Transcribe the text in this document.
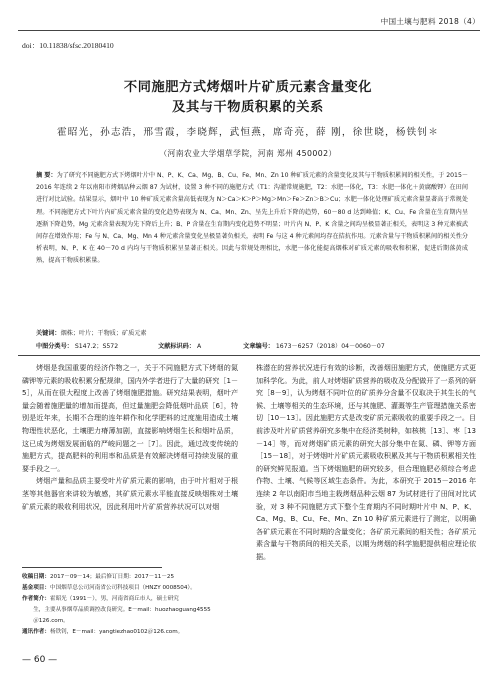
中国土壤与肥料 2018（4）
doi：10.11838/sfsc.20180410
不同施肥方式烤烟叶片矿质元素含量变化
及其与干物质积累的关系
霍昭光，孙志浩，邢雪霞，李晓辉，武恒燕，席奇亮，薛 刚，徐世晓，杨铁钊＊
（河南农业大学烟草学院，河南 郑州 450002）
摘 要：为了研究不同施肥方式下烤烟叶片中 N、P、K、Ca、Mg、B、Cu、Fe、Mn、Zn 10 种矿质元素的含量变化及其与干物质积累间的相关性，于 2015－2016 年连续 2 年以南阳市烤烟品种云烟 87 为试材，设置 3 种不同的施肥方式（T1：沟灌常规施肥，T2：水肥一体化，T3：水肥一体化＋黄腐酸钾）在田间进行对比试验。结果显示，烟叶中 10 种矿质元素含量高低表现为 N＞Ca＞K＞P＞Mg＞Mn＞Fe＞Zn＞B＞Cu；水肥一体化处理矿质元素含量显著高于常规处理。不同施肥方式下叶片内矿质元素含量的变化趋势表现为 N、Ca、Mn、Zn、呈先上升后下降的趋势，60－80 d 达到峰值；K、Cu、Fe 含量在生育期内呈逐渐下降趋势，Mg 元素含量表现为先下降后上升；B、P 含量在生育期内变化趋势不明显；叶片内 N、P、K 含量之间均呈极显著正相关，表明这 3 种元素被武间存在增效作用；Fe 与 N、Ca、Mg、Mn 4 种元素含量变化呈极显著负相关，表明 Fe 与这 4 种元素间均存在拮抗作用。元素含量与干物质积累间的相关性分析表明，N、P、K 在 40－70 d 内均与干物质积累呈显著正相关。因此与常规处理相比，水肥一体化能提高烟株对矿质元素的吸收和积累，促进后期落黄成熟，提高干物质积累量。
关键词：烟株；叶片；干物质；矿质元素
中图分类号： S147.2；S572	文献标识码： A	文章编号： 1673－6257（2018）04－0060－07

烤烟是我国重要的经济作物之一，关于不同施肥方式下烤烟的氮磷钾等元素的吸收积累分配规律，国内外学者进行了大量的研究［1－5］，从而在很大程度上改善了烤烟施肥措施。研究结果表明，烟叶产量会随着施肥量的增加而提高，但过量施肥会降低烟叶品质［6］，特别是近年来，长期不合理的连年耕作和化学肥料的过度施用造成土壤物理性状恶化，土壤肥力瘠薄加剧，直接影响烤烟生长和烟叶品质，这已成为烤烟发展面临的严峻问题之一［7］。因此，通过改变传统的施肥方式，提高肥料的利用率和品质是有效解决烤烟可持续发展的重要手段之一。

烤烟产量和品质主要受叶片矿质元素的影响，由于叶片相对于根茎等其他器官来讲较为敏感，其矿质元素水平能直接反映烟株对土壤矿质元素的吸收利用状况，因此利用叶片矿质营养状况可以对烟

株潜在的营养状况进行有效的诊断，改善烟田施肥方式，使施肥方式更加科学化。为此，前人对烤烟矿质营养的吸收及分配做开了一系列的研究［8－9］，认为烤烟不同叶位的矿质养分含量不仅取决于其生长的气候、土壤等相关的生态环境，还与其施肥、灌溉等生产管理措施关系密切［10－13］。因此施肥方式是改变矿质元素吸收的重要手段之一。目前涉及叶片矿质营养研究多集中在经济类树种，如核桃［13］、枣［13－14］等，而对烤烟矿质元素的研究大部分集中在氮、磷、钾等方面［15－18］，对于烤烟叶片矿质元素吸收积累及其与干物质积累相关性的研究鲜见报道。当下烤烟施肥的研究较多，但合理施肥必须综合考虑作物、土壤、气候等区域生态条件。为此，本研究于 2015－2016 年连续 2 年以南阳市当地主栽烤烟品种云烟 87 为试材进行了田间对比试验，对 3 种不同施肥方式下整个生育期内不同时期叶片中 N、P、K、Ca、Mg、B、Cu、Fe、Mn、Zn 10 种矿质元素进行了测定，以明确各矿质元素在不同时期的含量变化；各矿质元素间的相关性；各矿质元素含量与干物质间的相关关系，以期为烤烟的科学施肥提供相应理论依据。

收稿日期：2017－09－14；最后修订日期：2017－11－25
基金项目：中国烟草总公司河南省公司科技项目（HNZY 0008504）。
作者简介：霍昭光（1991－），男，河南省商丘市人，硕士研究
生，主要从事烟草品质调控改良研究。E－mail：huozhaoguang4555
＠126.com。
通讯作者：杨铁钊，E－mail：yangtiezhao0102＠126.com。
— 60 —
